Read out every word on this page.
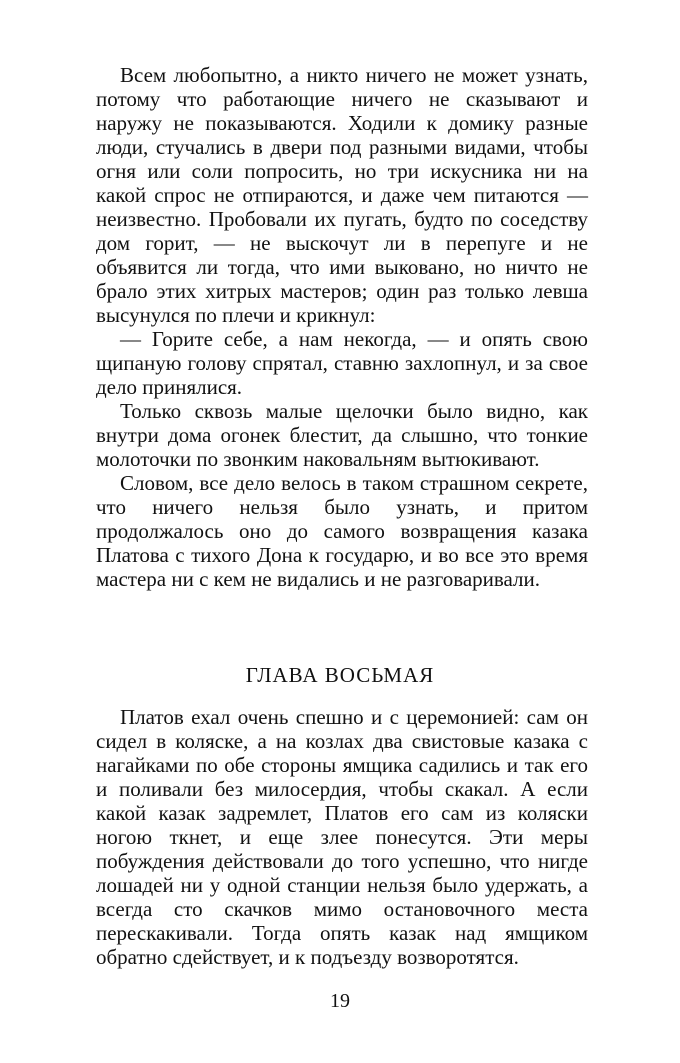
Всем любопытно, а никто ничего не может узнать, потому что работающие ничего не сказывают и наружу не показываются. Ходили к домику разные люди, стучались в двери под разными видами, чтобы огня или соли попросить, но три искусника ни на какой спрос не отпираются, и даже чем питаются — неизвестно. Пробовали их пугать, будто по соседству дом горит, — не выскочут ли в перепуге и не объявится ли тогда, что ими выковано, но ничто не брало этих хитрых мастеров; один раз только левша высунулся по плечи и крикнул:

— Горите себе, а нам некогда, — и опять свою щипаную голову спрятал, ставню захлопнул, и за свое дело принялися.

Только сквозь малые щелочки было видно, как внутри дома огонек блестит, да слышно, что тонкие молоточки по звонким наковальням вытюкивают.

Словом, все дело велось в таком страшном секрете, что ничего нельзя было узнать, и притом продолжалось оно до самого возвращения казака Платова с тихого Дона к государю, и во все это время мастера ни с кем не видались и не разговаривали.

ГЛАВА ВОСЬМАЯ

Платов ехал очень спешно и с церемонией: сам он сидел в коляске, а на козлах два свистовые казака с нагайками по обе стороны ямщика садились и так его и поливали без милосердия, чтобы скакал. А если какой казак задремлет, Платов его сам из коляски ногою ткнет, и еще злее понесутся. Эти меры побуждения действовали до того успешно, что нигде лошадей ни у одной станции нельзя было удержать, а всегда сто скачков мимо остановочного места перескакивали. Тогда опять казак над ямщиком обратно сдействует, и к подъезду возворотятся.

19
